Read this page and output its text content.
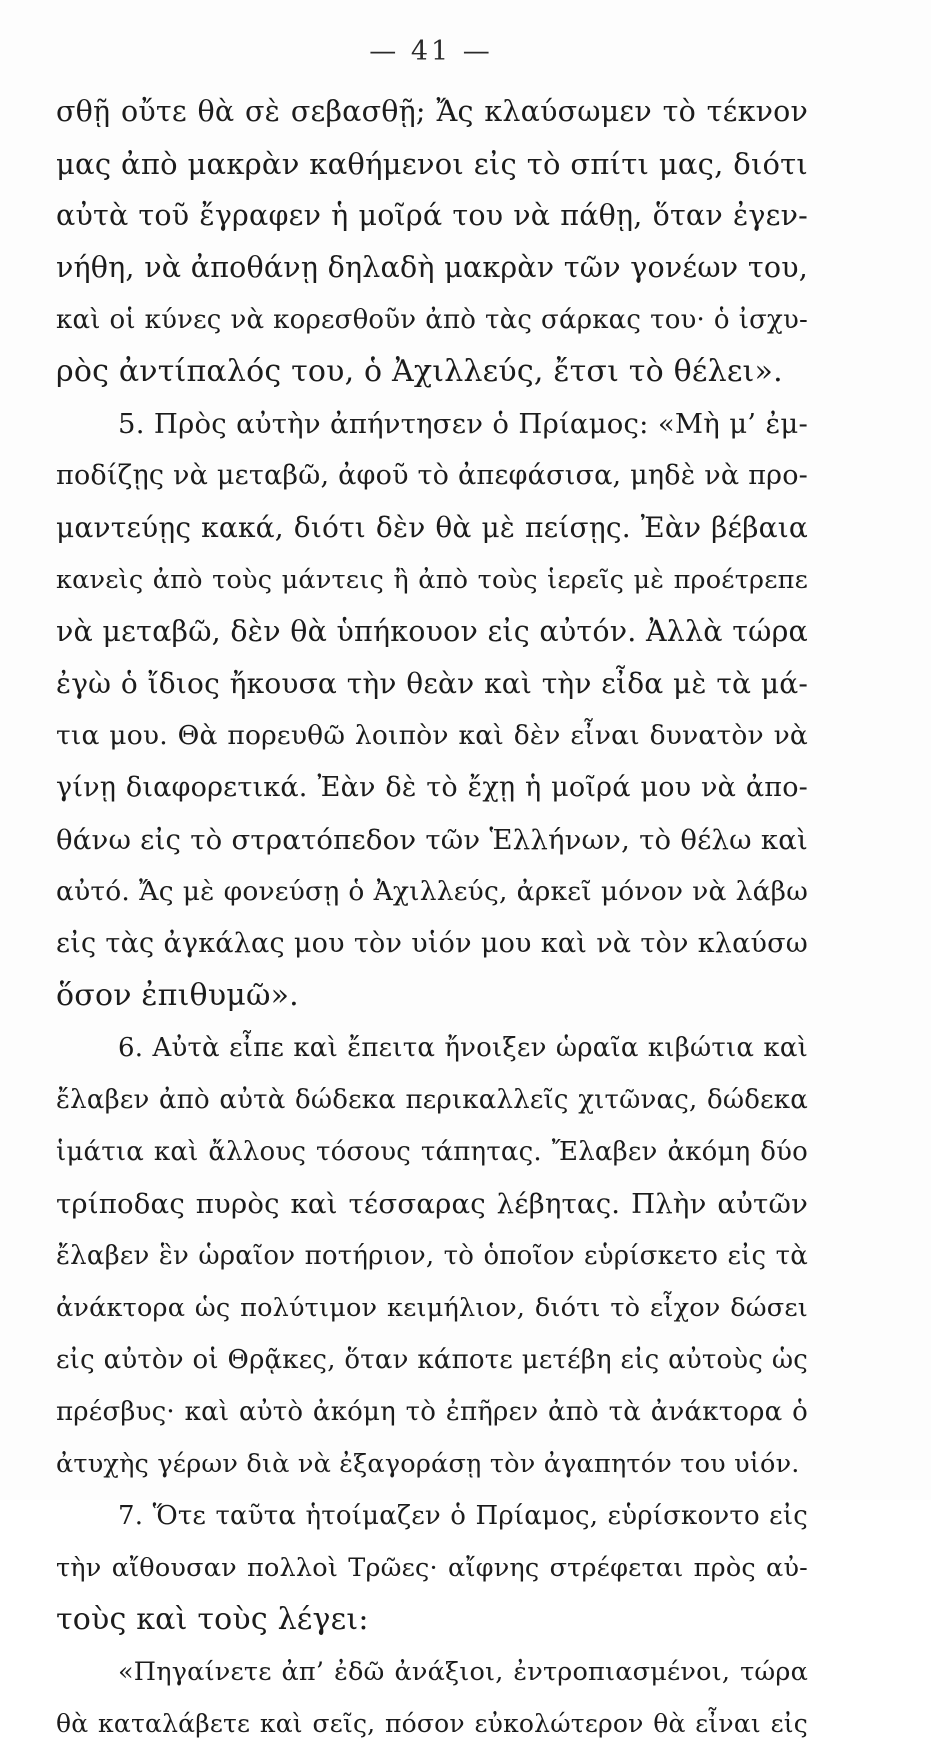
— 41 —
σθῇ οὔτε θὰ σὲ σεβασθῇ; Ἄς κλαύσωμεν τὸ τέκνον
μας ἀπὸ μακρὰν καθήμενοι εἰς τὸ σπίτι μας, διότι
αὐτὰ τοῦ ἔγραφεν ἡ μοῖρά του νὰ πάθῃ, ὅταν ἐγεν-
νήθη, νὰ ἀποθάνῃ δηλαδὴ μακρὰν τῶν γονέων του,
καὶ οἱ κύνες νὰ κορεσθοῦν ἀπὸ τὰς σάρκας του· ὁ ἰσχυ-
ρὸς ἀντίπαλός του, ὁ Ἀχιλλεύς, ἔτσι τὸ θέλει».
5. Πρὸς αὐτὴν ἀπήντησεν ὁ Πρίαμος: «Μὴ μ’ ἐμ-
ποδίζῃς νὰ μεταβῶ, ἀφοῦ τὸ ἀπεφάσισα, μηδὲ νὰ προ-
μαντεύῃς κακά, διότι δὲν θὰ μὲ πείσῃς. Ἐὰν βέβαια
κανεὶς ἀπὸ τοὺς μάντεις ἢ ἀπὸ τοὺς ἱερεῖς μὲ προέτρεπε
νὰ μεταβῶ, δὲν θὰ ὑπήκουον εἰς αὐτόν. Ἀλλὰ τώρα
ἐγὼ ὁ ἴδιος ἤκουσα τὴν θεὰν καὶ τὴν εἶδα μὲ τὰ μά-
τια μου. Θὰ πορευθῶ λοιπὸν καὶ δὲν εἶναι δυνατὸν νὰ
γίνῃ διαφορετικά. Ἐὰν δὲ τὸ ἔχῃ ἡ μοῖρά μου νὰ ἀπο-
θάνω εἰς τὸ στρατόπεδον τῶν Ἑλλήνων, τὸ θέλω καὶ
αὐτό. Ἄς μὲ φονεύσῃ ὁ Ἀχιλλεύς, ἀρκεῖ μόνον νὰ λάβω
εἰς τὰς ἀγκάλας μου τὸν υἱόν μου καὶ νὰ τὸν κλαύσω
ὅσον ἐπιθυμῶ».
6. Αὐτὰ εἶπε καὶ ἔπειτα ἤνοιξεν ὡραῖα κιβώτια καὶ
ἔλαβεν ἀπὸ αὐτὰ δώδεκα περικαλλεῖς χιτῶνας, δώδεκα
ἱμάτια καὶ ἄλλους τόσους τάπητας. Ἔλαβεν ἀκόμη δύο
τρίποδας πυρὸς καὶ τέσσαρας λέβητας. Πλὴν αὐτῶν
ἔλαβεν ἓν ὡραῖον ποτήριον, τὸ ὁποῖον εὑρίσκετο εἰς τὰ
ἀνάκτορα ὡς πολύτιμον κειμήλιον, διότι τὸ εἶχον δώσει
εἰς αὐτὸν οἱ Θρᾷκες, ὅταν κάποτε μετέβη εἰς αὐτοὺς ὡς
πρέσβυς· καὶ αὐτὸ ἀκόμη τὸ ἐπῆρεν ἀπὸ τὰ ἀνάκτορα ὁ
ἀτυχὴς γέρων διὰ νὰ ἐξαγοράσῃ τὸν ἀγαπητόν του υἱόν.
7. Ὅτε ταῦτα ἡτοίμαζεν ὁ Πρίαμος, εὑρίσκοντο εἰς
τὴν αἴθουσαν πολλοὶ Τρῶες· αἴφνης στρέφεται πρὸς αὐ-
τοὺς καὶ τοὺς λέγει:
«Πηγαίνετε ἀπ’ ἐδῶ ἀνάξιοι, ἐντροπιασμένοι, τώρα
θὰ καταλάβετε καὶ σεῖς, πόσον εὐκολώτερον θὰ εἶναι εἰς
